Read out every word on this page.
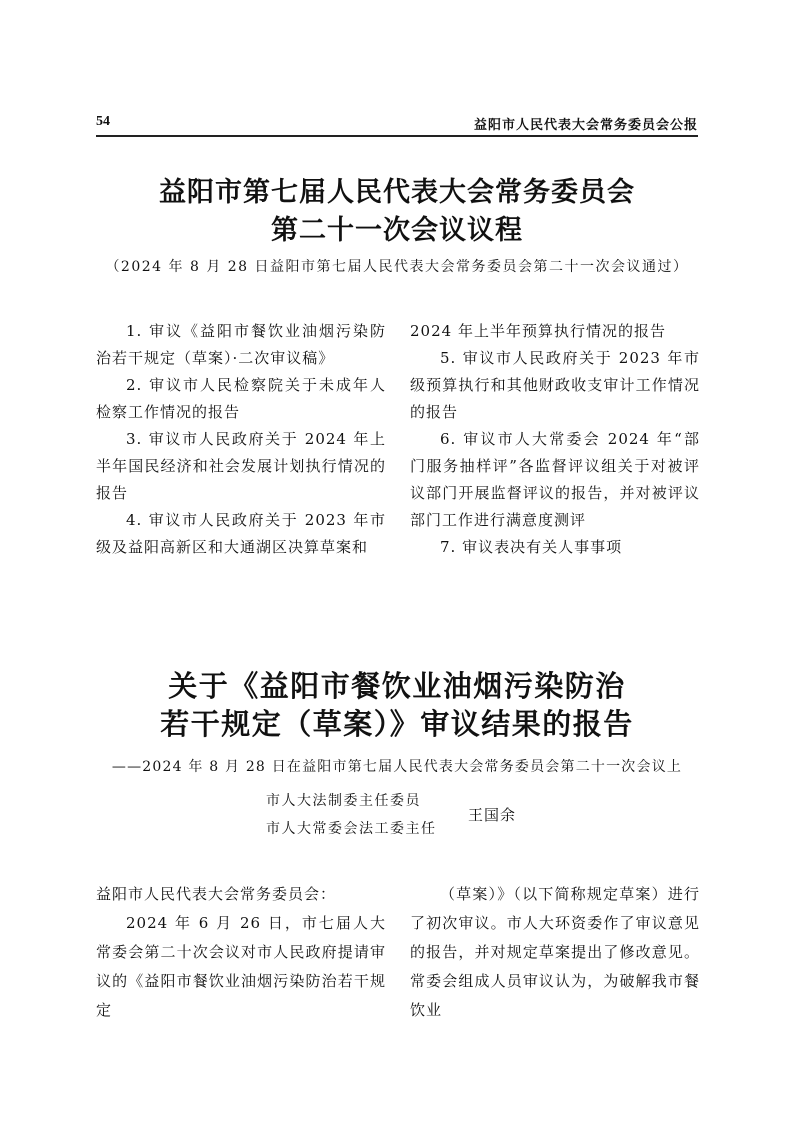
54	益阳市人民代表大会常务委员会公报
益阳市第七届人民代表大会常务委员会
第二十一次会议议程
（2024 年 8 月 28 日益阳市第七届人民代表大会常务委员会第二十一次会议通过）

1. 审议《益阳市餐饮业油烟污染防治若干规定（草案）·二次审议稿》

2. 审议市人民检察院关于未成年人检察工作情况的报告

3. 审议市人民政府关于 2024 年上半年国民经济和社会发展计划执行情况的报告

4. 审议市人民政府关于 2023 年市级及益阳高新区和大通湖区决算草案和

2024 年上半年预算执行情况的报告

5. 审议市人民政府关于 2023 年市级预算执行和其他财政收支审计工作情况的报告

6. 审议市人大常委会 2024 年“部门服务抽样评”各监督评议组关于对被评议部门开展监督评议的报告，并对被评议部门工作进行满意度测评

7. 审议表决有关人事事项

关于《益阳市餐饮业油烟污染防治
若干规定（草案）》审议结果的报告
——2024 年 8 月 28 日在益阳市第七届人民代表大会常务委员会第二十一次会议上
市人大法制委主任委员
市人大常委会法工委主任
王国余

益阳市人民代表大会常务委员会：

2024 年 6 月 26 日，市七届人大常委会第二十次会议对市人民政府提请审议的《益阳市餐饮业油烟污染防治若干规定

（草案）》（以下简称规定草案）进行了初次审议。市人大环资委作了审议意见的报告，并对规定草案提出了修改意见。常委会组成人员审议认为，为破解我市餐饮业
